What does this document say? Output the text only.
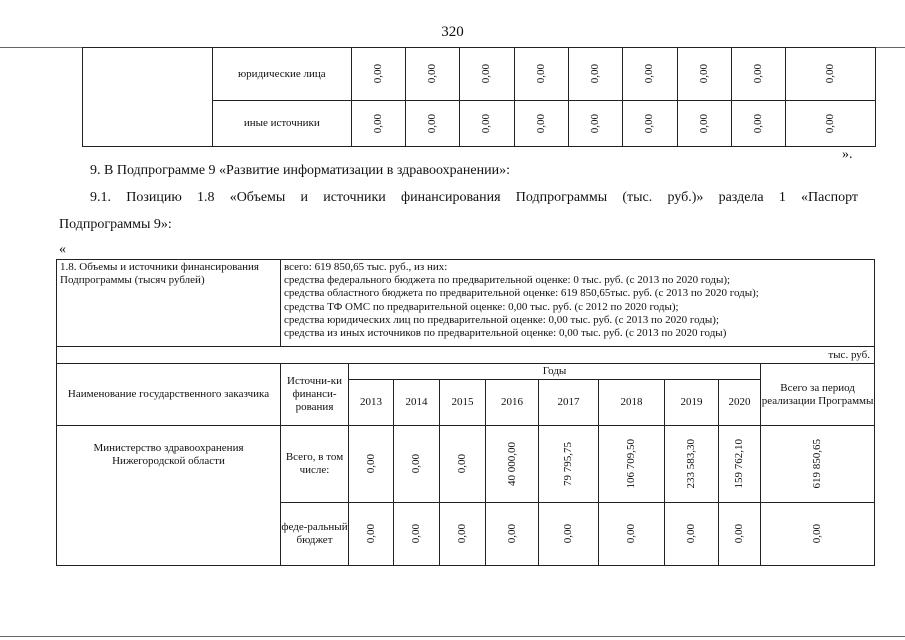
320
	юридические лица	0,00	0,00	0,00	0,00	0,00	0,00	0,00	0,00	0,00

	иные источники	0,00	0,00	0,00	0,00	0,00	0,00	0,00	0,00	0,00
».
9. В Подпрограмме 9 «Развитие информатизации в здравоохранении»:
9.1. Позицию 1.8 «Объемы и источники финансирования Подпрограммы (тыс. руб.)» раздела 1 «Паспорт
Подпрограммы 9»:
«
1.8. Объемы и источники финансирования Подпрограммы (тысяч рублей)	
всего: 619 850,65 тыс. руб., из них:
средства федерального бюджета по предварительной оценке: 0 тыс. руб. (с 2013 по 2020 годы);
средства областного бюджета по предварительной оценке: 619 850,65тыс. руб. (с 2013 по 2020 годы);
средства ТФ ОМС по предварительной оценке: 0,00 тыс. руб. (с 2012 по 2020 годы);
средства юридических лиц по предварительной оценке: 0,00 тыс. руб. (с 2013 по 2020 годы);
средства из иных источников по предварительной оценке: 0,00 тыс. руб. (с 2013 по 2020 годы)

тыс. руб.
Наименование государственного заказчика	Источни-ки финанси-рования	Годы								Всего за период реализации Программы
		2013	2014	2015	2016	2017	2018	2019	2020	
Министерство здравоохранения Нижегородской области	Всего, в том числе:	0,00	0,00	0,00	40 000,00	79 795,75	106 709,50	233 583,30	159 762,10	619 850,65

	феде-ральный бюджет	0,00	0,00	0,00	0,00	0,00	0,00	0,00	0,00	0,00
